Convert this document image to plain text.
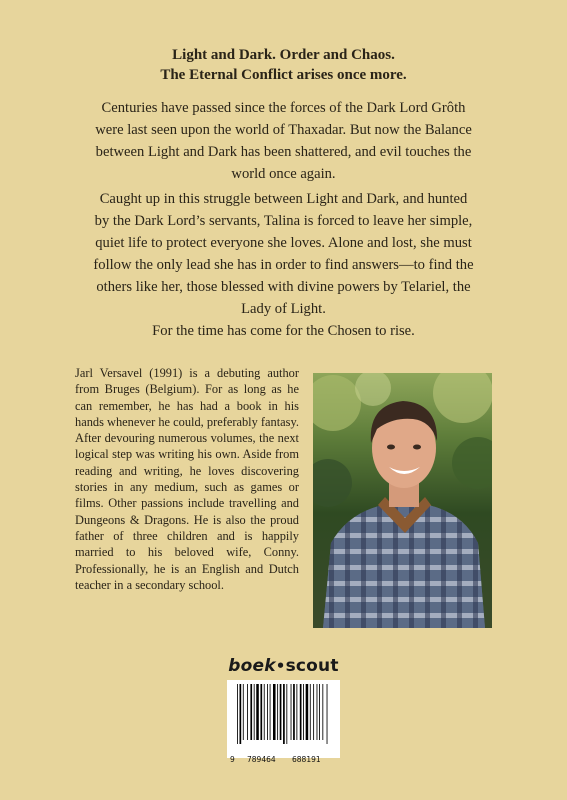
Light and Dark. Order and Chaos.
The Eternal Conflict arises once more.

Centuries have passed since the forces of the Dark Lord Grôth were last seen upon the world of Thaxadar. But now the Balance between Light and Dark has been shattered, and evil touches the world once again.

Caught up in this struggle between Light and Dark, and hunted by the Dark Lord’s servants, Talina is forced to leave her simple, quiet life to protect everyone she loves. Alone and lost, she must follow the only lead she has in order to find answers—to find the others like her, those blessed with divine powers by Telariel, the Lady of Light.

For the time has come for the Chosen to rise.

Jarl Versavel (1991) is a debuting author from Bruges (Belgium). For as long as he can remember, he has had a book in his hands whenever he could, preferably fantasy. After devouring numerous volumes, the next logical step was writing his own. Aside from reading and writing, he loves discovering stories in any medium, such as games or films. Other passions include travelling and Dungeons & Dragons. He is also the proud father of three children and is happily married to his beloved wife, Conny. Professionally, he is an English and Dutch teacher in a secondary school.

boek•scout
9 789464 688191
